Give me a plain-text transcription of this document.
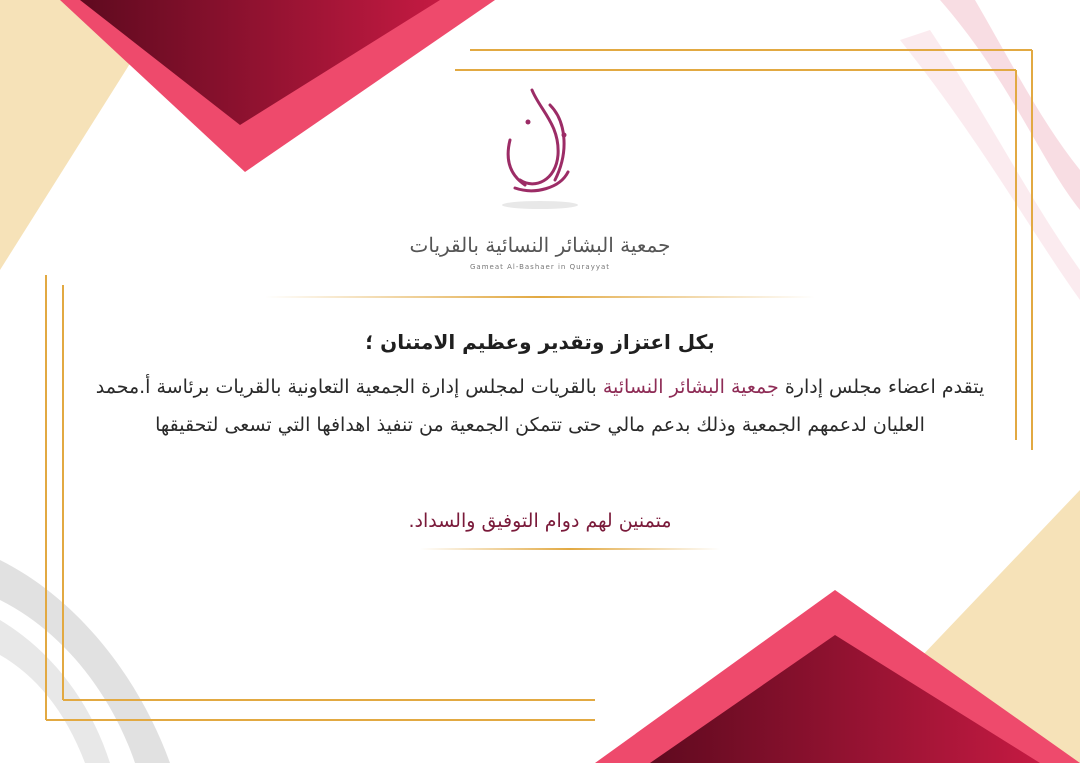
جمعية البشائر النسائية بالقريات
Gameat Al-Bashaer in Qurayyat
بكل اعتزاز وتقدير وعظيم الامتنان ؛
يتقدم اعضاء مجلس إدارة جمعية البشائر النسائية بالقريات لمجلس إدارة الجمعية التعاونية بالقريات برئاسة أ.محمد العليان لدعمهم الجمعية وذلك بدعم مالي حتى تتمكن الجمعية من تنفيذ اهدافها التي تسعى لتحقيقها
متمنين لهم دوام التوفيق والسداد.
